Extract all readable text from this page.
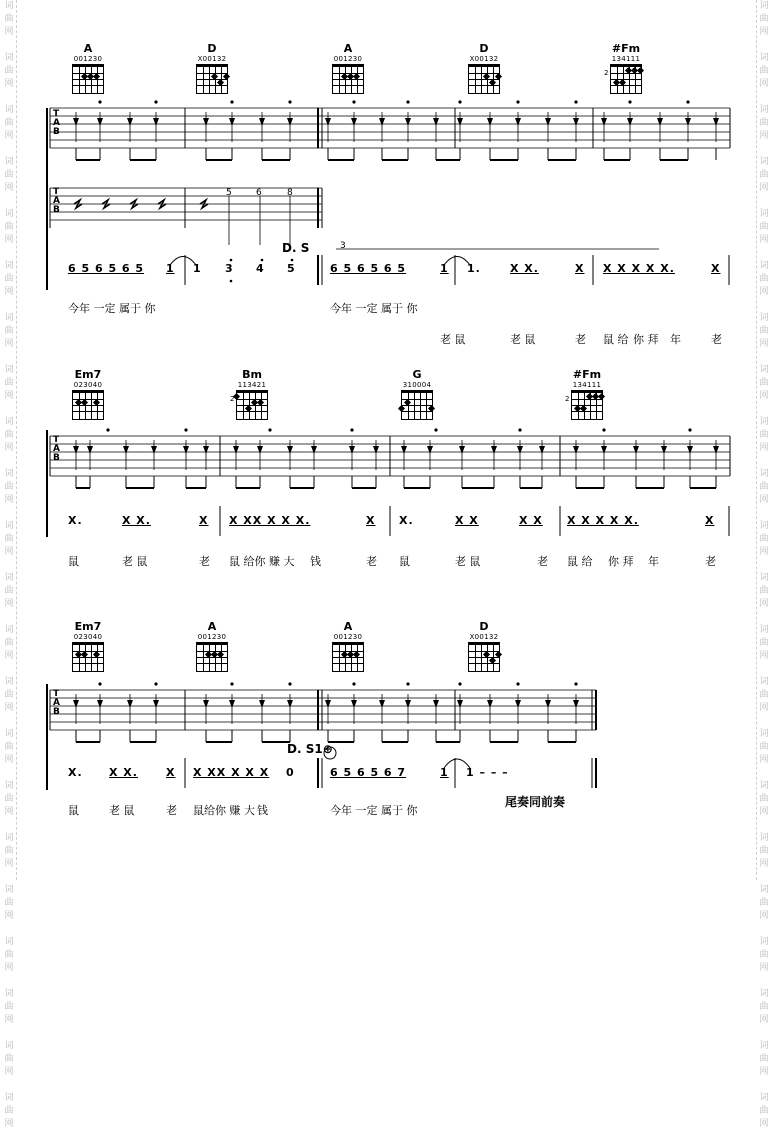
词
曲
网

词
曲
网

词
曲
网

词
曲
网

词
曲
网

词
曲
网

词
曲
网

词
曲
网

词
曲
网

词
曲
网

词
曲
网

词
曲
网

词
曲
网

词
曲
网

词
曲
网

词
曲
网

词
曲
网

词
曲
网

词
曲
网

词
曲
网

词
曲
网

词
曲
网

词
曲
网

词
曲
网

词
曲
网

词
曲
网

词
曲
网

词
曲
网

词
曲
网

词
曲
网

词
曲
网

词
曲
网

词
曲
网

词
曲
网

词
曲
网

词
曲
网

词
曲
网

词
曲
网

词
曲
网

词
曲
网

词
曲
网

词
曲
网

词
曲
网

词
曲
网

A
001230
D
X00132
A
001230
D
X00132
#Fm
134111
2
Em7
023040
Bm
113421
2
G
310004
#Fm
134111
2
Em7
023040
A
001230
A
001230
D
X00132
T
A
B
T
A
B
T
A
B
T
A
B
5	6	8
D. S	3
D. S1⊕
6 5 6 5 6 5 1 1 3 4 5	6 5 6 5 6 5	1 1.	X X.	X X X X X X.	X
今年 一定 属于 你	今年 一定 属于 你
老 鼠	老 鼠	老 鼠 给 你 拜 年	老
X.	X X.	X X XX X X X.	X X.	X X	X X X X X X X.	X
鼠	老 鼠	老 鼠 给你 赚 大 钱	老 鼠	老 鼠	老 鼠 给 你 拜 年	老
X. X X.	X X XX X X X 0	6 5 6 5 6 7	1 1 – – –
鼠	老 鼠	老 鼠给你 赚 大 钱	今年 一定 属于 你
尾奏同前奏
